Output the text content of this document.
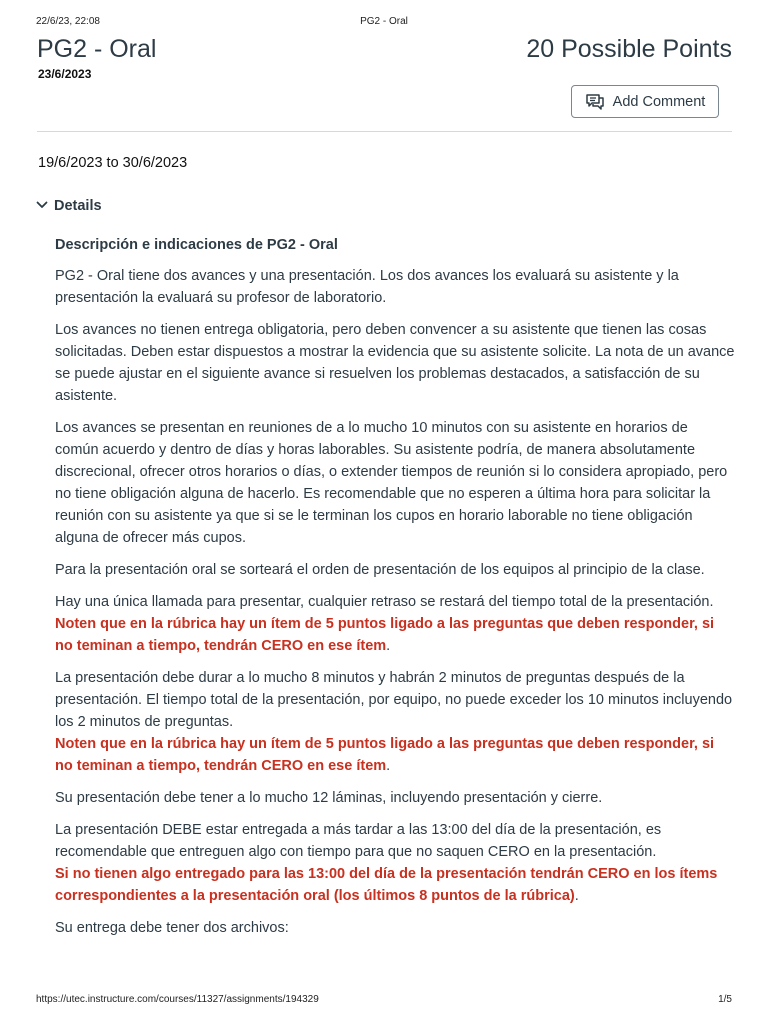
22/6/23, 22:08	PG2 - Oral
PG2 - Oral	20 Possible Points
23/6/2023
Add Comment
19/6/2023 to 30/6/2023
Details
Descripción e indicaciones de PG2 - Oral

PG2 - Oral tiene dos avances y una presentación. Los dos avances los evaluará su asistente y la presentación la evaluará su profesor de laboratorio.

Los avances no tienen entrega obligatoria, pero deben convencer a su asistente que tienen las cosas solicitadas. Deben estar dispuestos a mostrar la evidencia que su asistente solicite. La nota de un avance se puede ajustar en el siguiente avance si resuelven los problemas destacados, a satisfacción de su asistente.

Los avances se presentan en reuniones de a lo mucho 10 minutos con su asistente en horarios de común acuerdo y dentro de días y horas laborables. Su asistente podría, de manera absolutamente discrecional, ofrecer otros horarios o días, o extender tiempos de reunión si lo considera apropiado, pero no tiene obligación alguna de hacerlo. Es recomendable que no esperen a última hora para solicitar la reunión con su asistente ya que si se le terminan los cupos en horario laborable no tiene obligación alguna de ofrecer más cupos.

Para la presentación oral se sorteará el orden de presentación de los equipos al principio de la clase.

Hay una única llamada para presentar, cualquier retraso se restará del tiempo total de la presentación.
Noten que en la rúbrica hay un ítem de 5 puntos ligado a las preguntas que deben responder, si no teminan a tiempo, tendrán CERO en ese ítem.

La presentación debe durar a lo mucho 8 minutos y habrán 2 minutos de preguntas después de la presentación. El tiempo total de la presentación, por equipo, no puede exceder los 10 minutos incluyendo los 2 minutos de preguntas.
Noten que en la rúbrica hay un ítem de 5 puntos ligado a las preguntas que deben responder, si no teminan a tiempo, tendrán CERO en ese ítem.

Su presentación debe tener a lo mucho 12 láminas, incluyendo presentación y cierre.

La presentación DEBE estar entregada a más tardar a las 13:00 del día de la presentación, es recomendable que entreguen algo con tiempo para que no saquen CERO en la presentación.
Si no tienen algo entregado para las 13:00 del día de la presentación tendrán CERO en los ítems correspondientes a la presentación oral (los últimos 8 puntos de la rúbrica).

Su entrega debe tener dos archivos:

https://utec.instructure.com/courses/11327/assignments/194329	1/5
